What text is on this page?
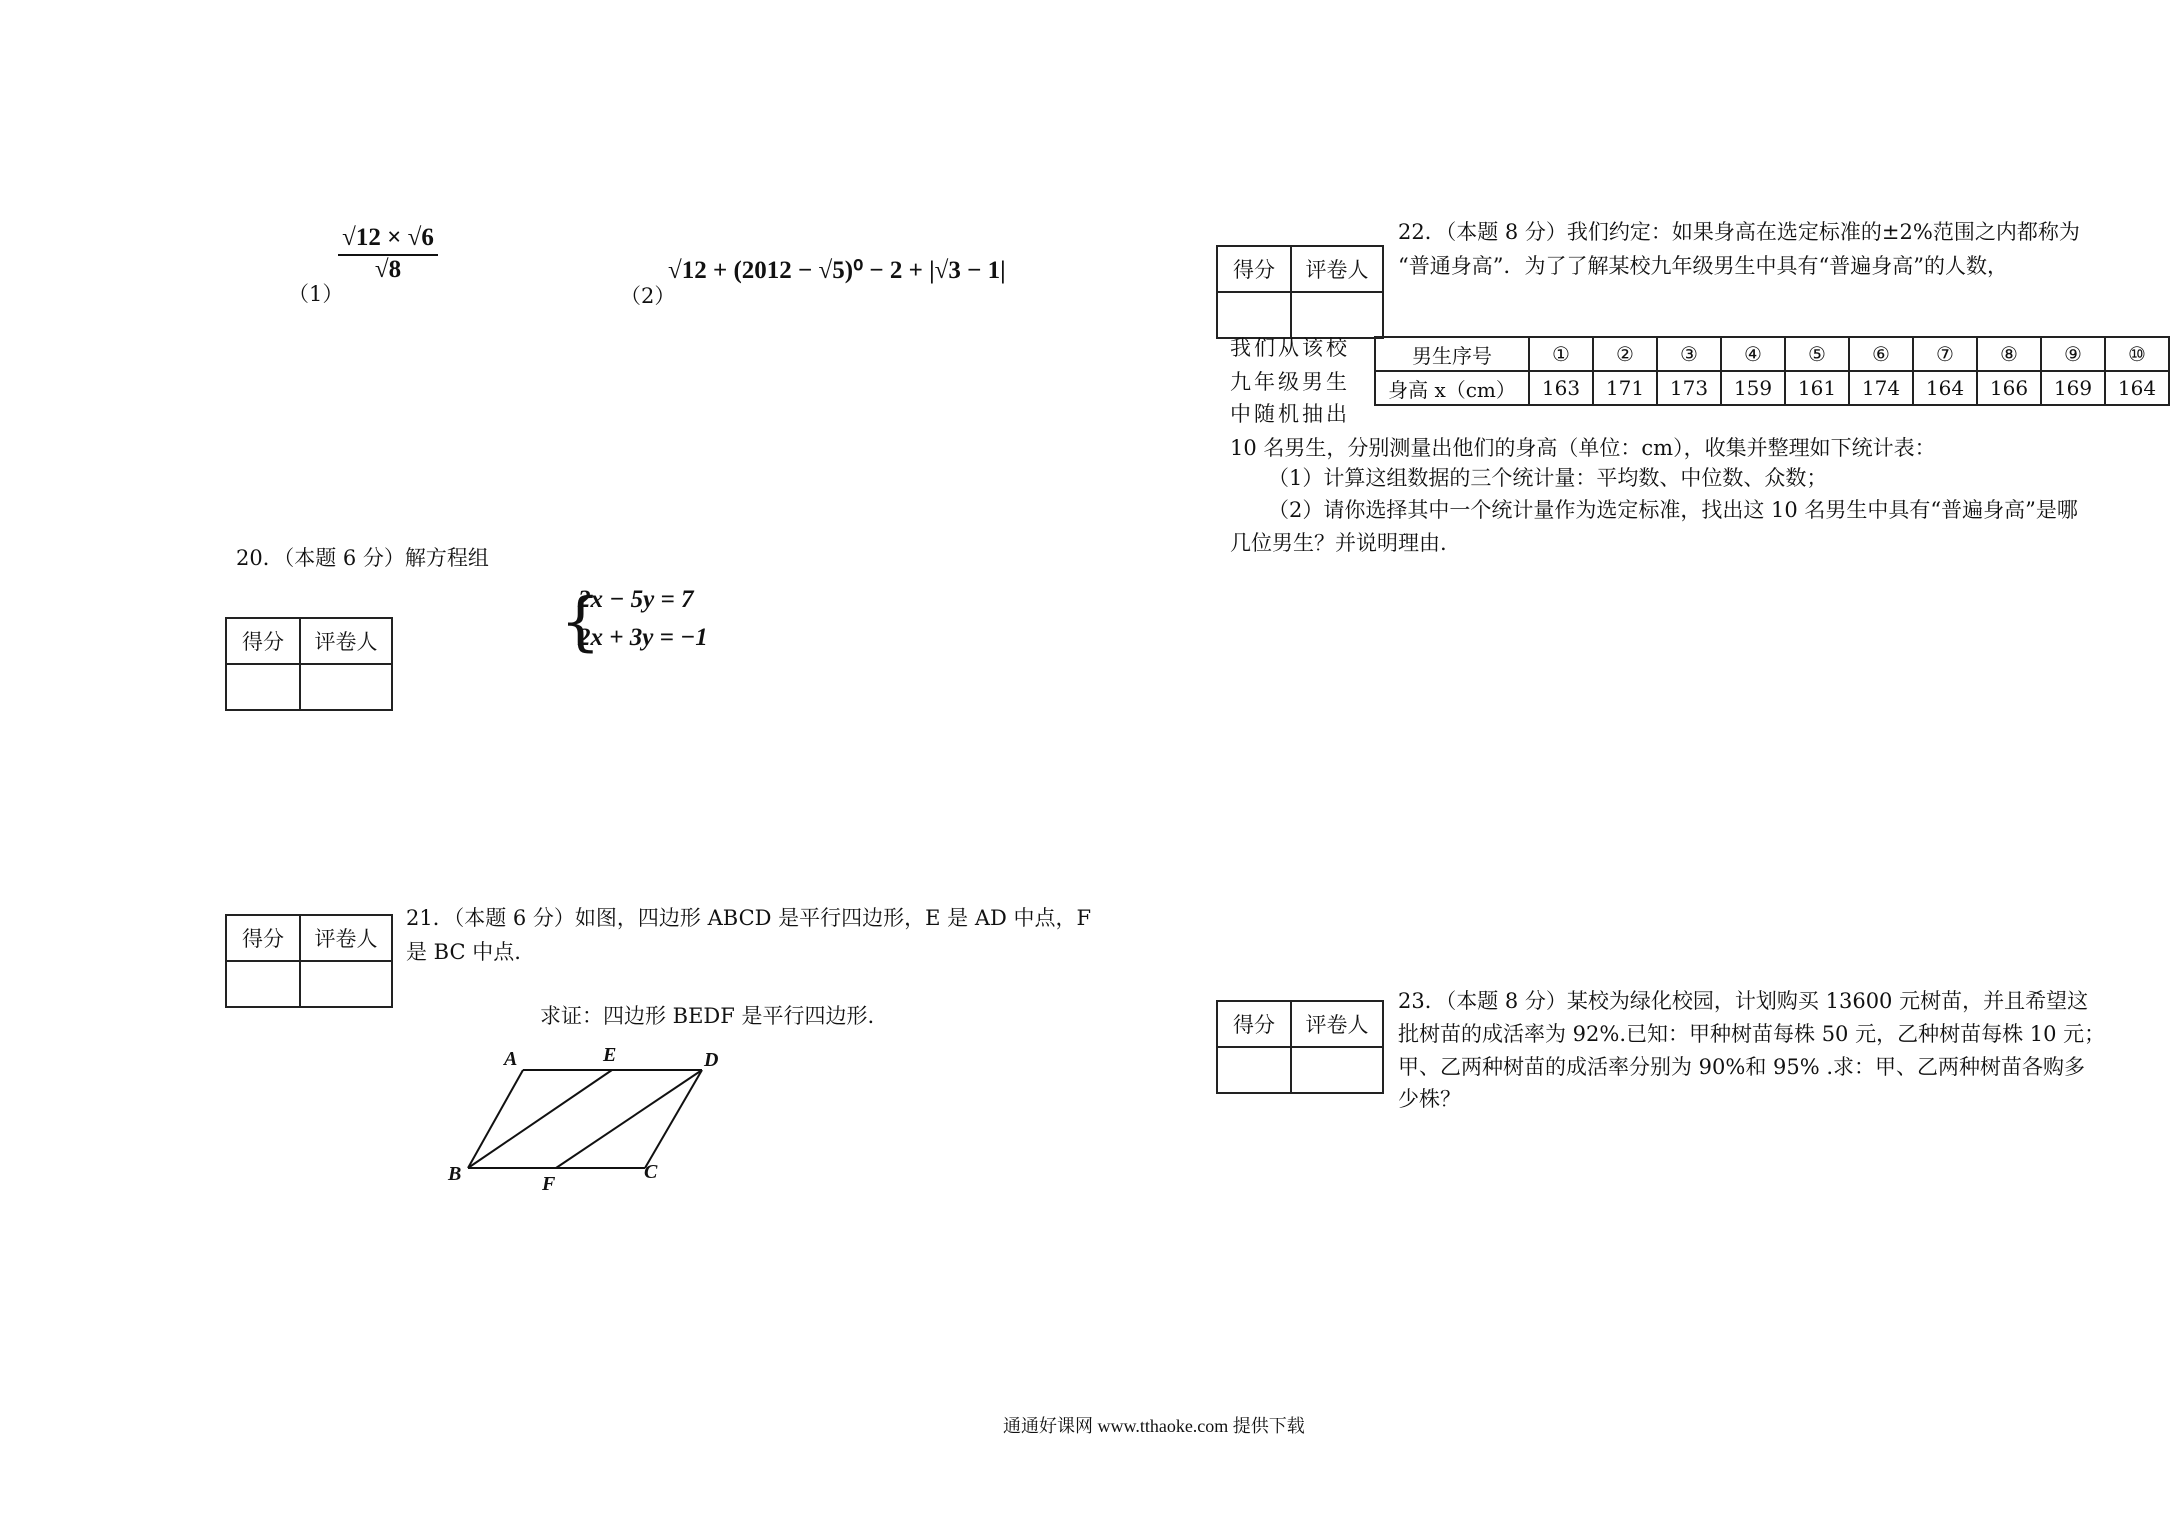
（1）
$\frac{√12 \times √6}{√8}$
（2）
√12 + (2012 − √5)⁰ − 2 + |√3 − 1|
20．（本题 6 分）解方程组
得分	评卷人
		{
2x − 5y = 7
2x + 3y = −1
得分	评卷人

21．（本题 6 分）如图，四边形 ABCD 是平行四边形，E 是 AD 中点，F
是 BC 中点.
求证：四边形 BEDF 是平行四边形.
A	E	D
B	F
C
得分	评卷人

22．（本题 8 分）我们约定：如果身高在选定标准的±2%范围之内都称为
“普通身高”．为了了解某校九年级男生中具有“普遍身高”的人数，
我们从该校
九年级男生
中随机抽出
男生序号	①	②	③	④	⑤	⑥	⑦	⑧	⑨	⑩
身高 x（cm）	163	171	173	159	161	174	164	166	169	164
10 名男生，分别测量出他们的身高（单位：cm），收集并整理如下统计表：
（1）计算这组数据的三个统计量：平均数、中位数、众数；
（2）请你选择其中一个统计量作为选定标准，找出这 10 名男生中具有“普遍身高”是哪
几位男生？并说明理由.
得分	评卷人

23．（本题 8 分）某校为绿化校园，计划购买 13600 元树苗，并且希望这
批树苗的成活率为 92%.已知：甲种树苗每株 50 元，乙种树苗每株 10 元；
甲、乙两种树苗的成活率分别为 90%和 95% .求：甲、乙两种树苗各购多
少株？
通通好课网 www.tthaoke.com 提供下载
